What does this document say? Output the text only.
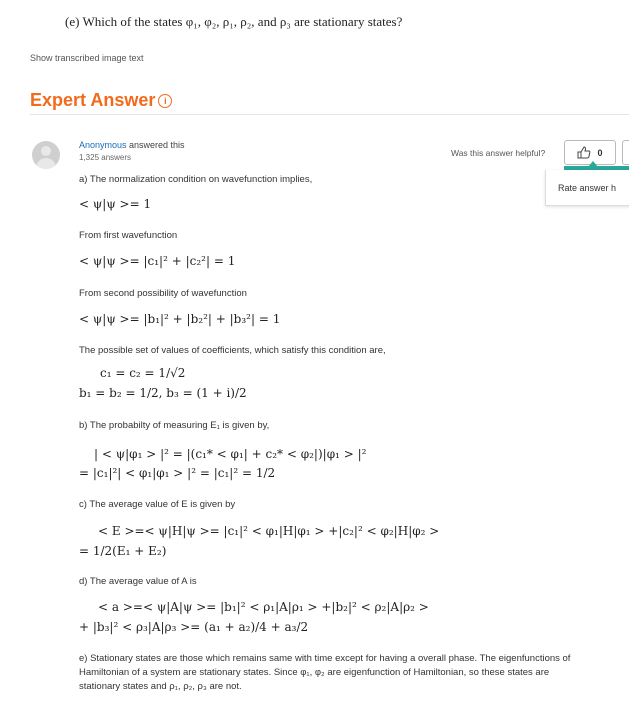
(e) Which of the states φ₁, φ₂, ρ₁, ρ₂, and ρ₃ are stationary states?
Show transcribed image text
Expert Answer i
Anonymous answered this
1,325 answers	Was this answer helpful?	0
Rate answer h
a) The normalization condition on wavefunction implies,
< ψ|ψ >= 1
From first wavefunction
< ψ|ψ >= |c₁|² + |c₂²| = 1
From second possibility of wavefunction
< ψ|ψ >= |b₁|² + |b₂²| + |b₃²| = 1
The possible set of values of coefficients, which satisfy this condition are,
c₁ = c₂ = 1/√2
b₁ = b₂ = 1/2, b₃ = (1 + i)/2
b) The probabilty of measuring E₁ is given by,
| < ψ|φ₁ > |² = |(c₁* < φ₁| + c₂* < φ₂|)|φ₁ > |²
= |c₁|²| < φ₁|φ₁ > |² = |c₁|² = 1/2
c) The average value of E is given by
< E >=< ψ|H|ψ >= |c₁|² < φ₁|H|φ₁ > +|c₂|² < φ₂|H|φ₂ >
= 1/2(E₁ + E₂)
d) The average value of A is
< a >=< ψ|A|ψ >= |b₁|² < ρ₁|A|ρ₁ > +|b₂|² < ρ₂|A|ρ₂ >
+ |b₃|² < ρ₃|A|ρ₃ >= (a₁ + a₂)/4 + a₃/2
e) Stationary states are those which remains same with time except for having a overall phase. The eigenfunctions of Hamiltonian of a system are stationary states. Since φ₁, φ₂ are eigenfunction of Hamiltonian, so these states are stationary states and ρ₁, ρ₂, ρ₃ are not.
